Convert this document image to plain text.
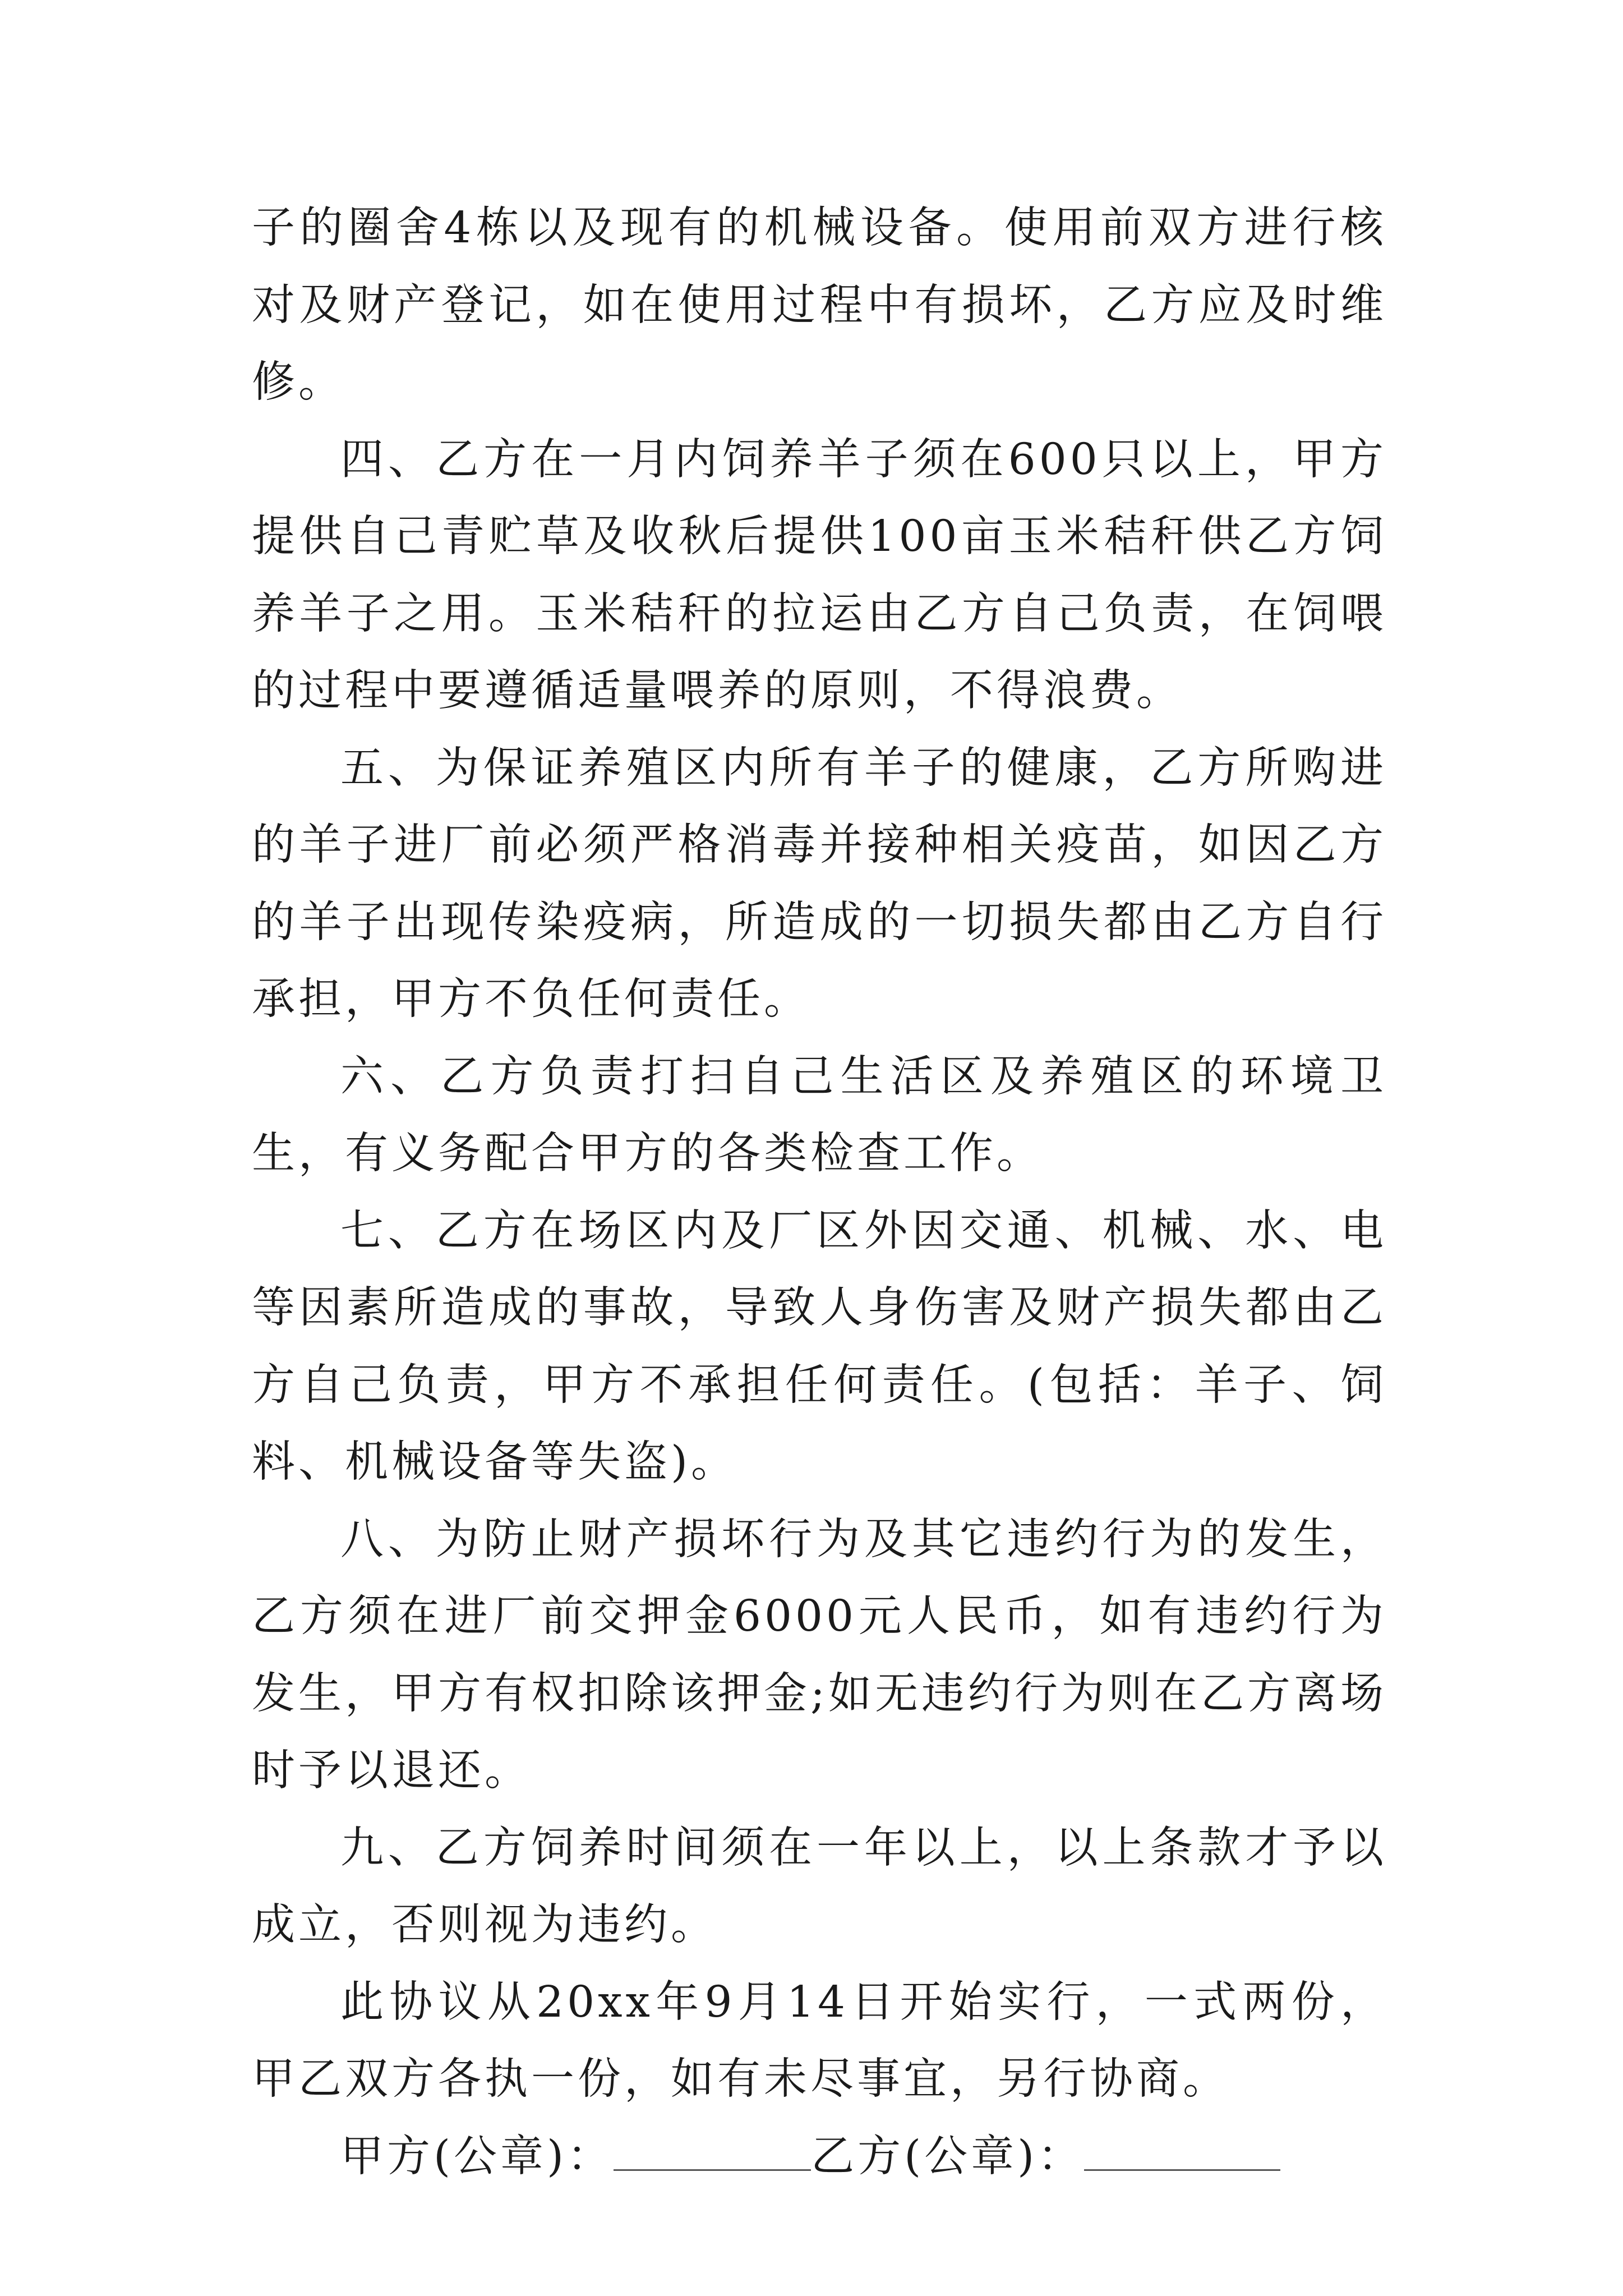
子的圈舍4栋以及现有的机械设备。使用前双方进行核对及财产登记，如在使用过程中有损坏，乙方应及时维修。

四、乙方在一月内饲养羊子须在600只以上，甲方提供自己青贮草及收秋后提供100亩玉米秸秆供乙方饲养羊子之用。玉米秸秆的拉运由乙方自己负责，在饲喂的过程中要遵循适量喂养的原则，不得浪费。

五、为保证养殖区内所有羊子的健康，乙方所购进的羊子进厂前必须严格消毒并接种相关疫苗，如因乙方的羊子出现传染疫病，所造成的一切损失都由乙方自行承担，甲方不负任何责任。

六、乙方负责打扫自己生活区及养殖区的环境卫生，有义务配合甲方的各类检查工作。

七、乙方在场区内及厂区外因交通、机械、水、电等因素所造成的事故，导致人身伤害及财产损失都由乙方自己负责，甲方不承担任何责任。(包括：羊子、饲料、机械设备等失盗)。

八、为防止财产损坏行为及其它违约行为的发生，乙方须在进厂前交押金6000元人民币，如有违约行为发生，甲方有权扣除该押金;如无违约行为则在乙方离场时予以退还。

九、乙方饲养时间须在一年以上，以上条款才予以成立，否则视为违约。

此协议从20xx年9月14日开始实行，一式两份，甲乙双方各执一份，如有未尽事宜，另行协商。

甲方(公章)：	乙方(公章)：
